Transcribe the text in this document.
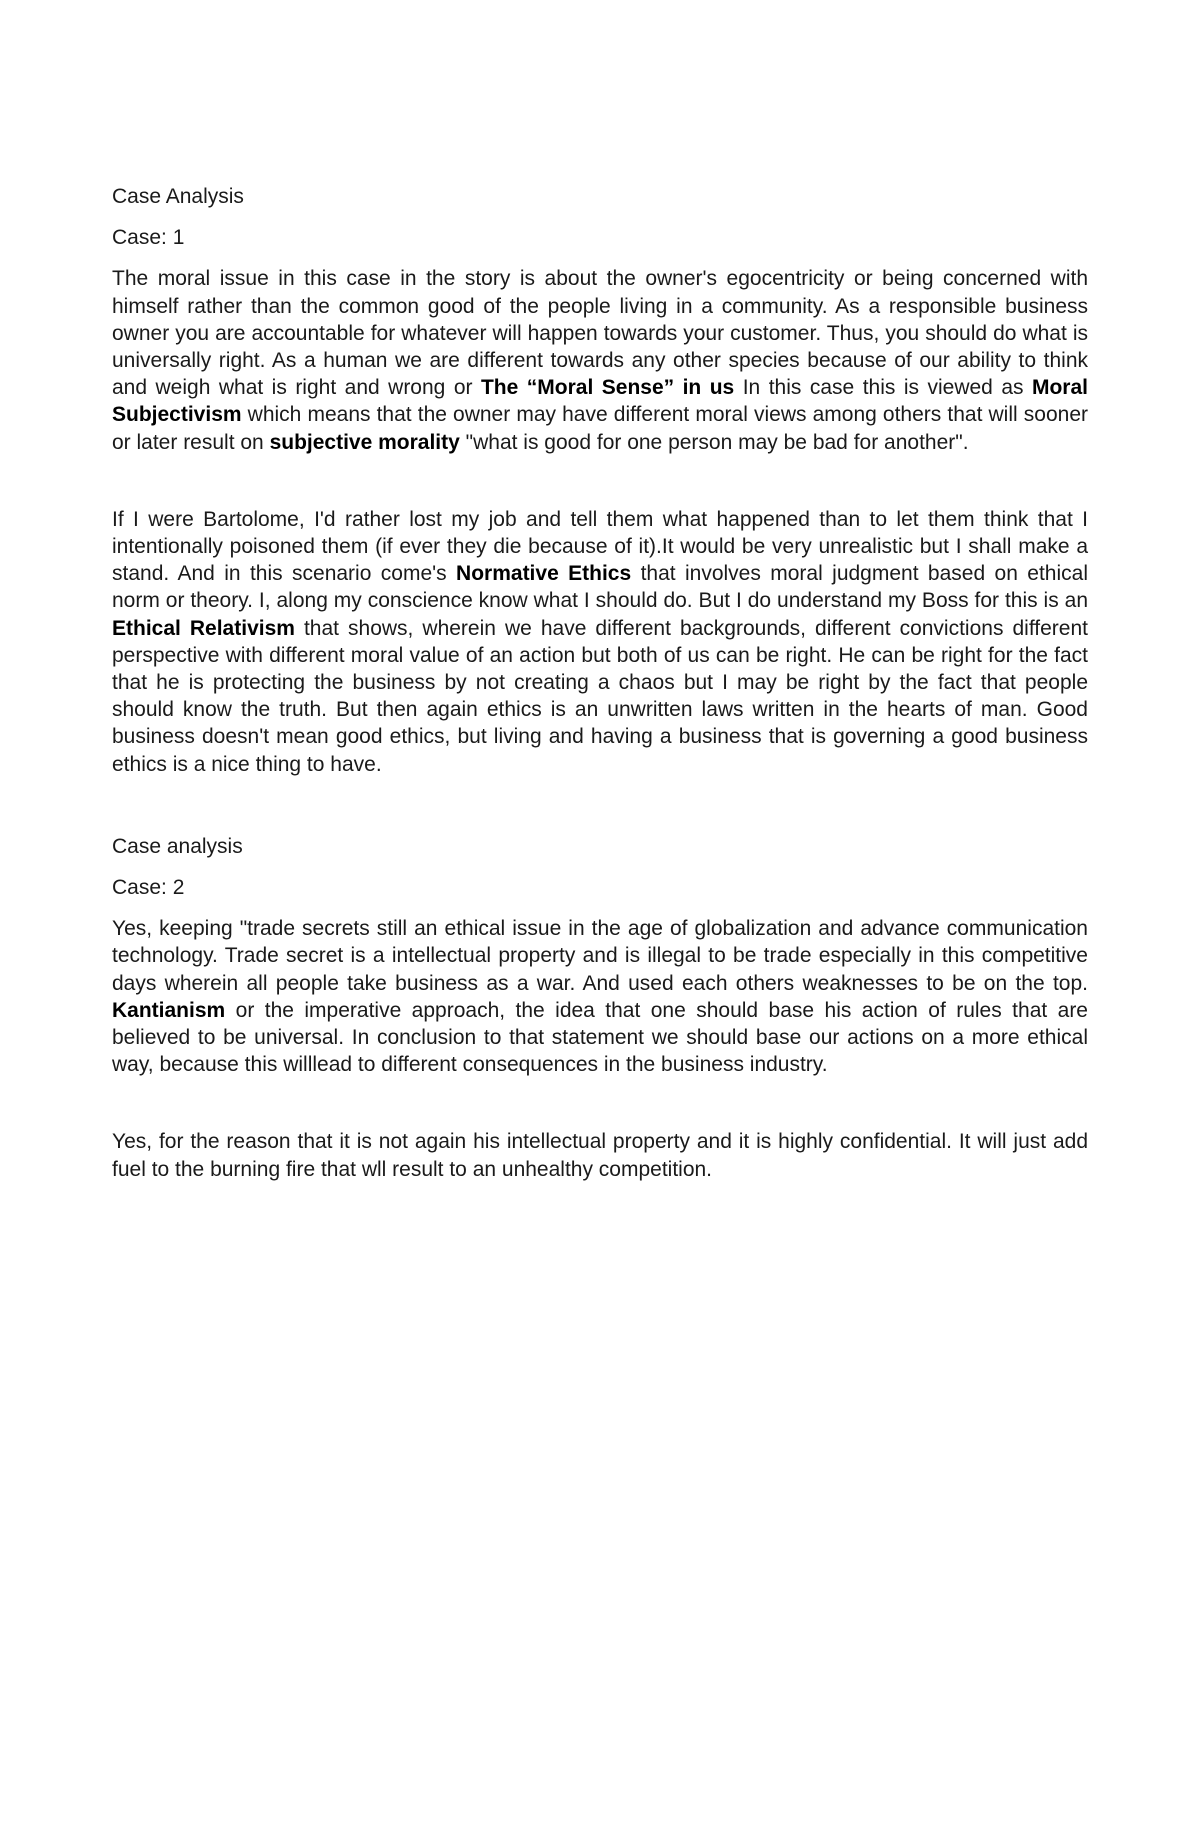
Case Analysis
Case: 1

The moral issue in this case in the story is about the owner's egocentricity or being concerned with himself rather than the common good of the people living in a community. As a responsible business owner you are accountable for whatever will happen towards your customer. Thus, you should do what is universally right. As a human we are different towards any other species because of our ability to think and weigh what is right and wrong or The “Moral Sense” in us In this case this is viewed as Moral Subjectivism which means that the owner may have different moral views among others that will sooner or later result on subjective morality "what is good for one person may be bad for another".

If I were Bartolome, I'd rather lost my job and tell them what happened than to let them think that I intentionally poisoned them (if ever they die because of it).It would be very unrealistic but I shall make a stand. And in this scenario come's Normative Ethics that involves moral judgment based on ethical norm or theory. I, along my conscience know what I should do. But I do understand my Boss for this is an Ethical Relativism that shows, wherein we have different backgrounds, different convictions different perspective with different moral value of an action but both of us can be right. He can be right for the fact that he is protecting the business by not creating a chaos but I may be right by the fact that people should know the truth. But then again ethics is an unwritten laws written in the hearts of man. Good business doesn't mean good ethics, but living and having a business that is governing a good business ethics is a nice thing to have.

Case analysis
Case: 2

Yes, keeping "trade secrets still an ethical issue in the age of globalization and advance communication technology. Trade secret is a intellectual property and is illegal to be trade especially in this competitive days wherein all people take business as a war. And used each others weaknesses to be on the top. Kantianism or the imperative approach, the idea that one should base his action of rules that are believed to be universal. In conclusion to that statement we should base our actions on a more ethical way, because this willlead to different consequences in the business industry.

Yes, for the reason that it is not again his intellectual property and it is highly confidential. It will just add fuel to the burning fire that wll result to an unhealthy competition.
